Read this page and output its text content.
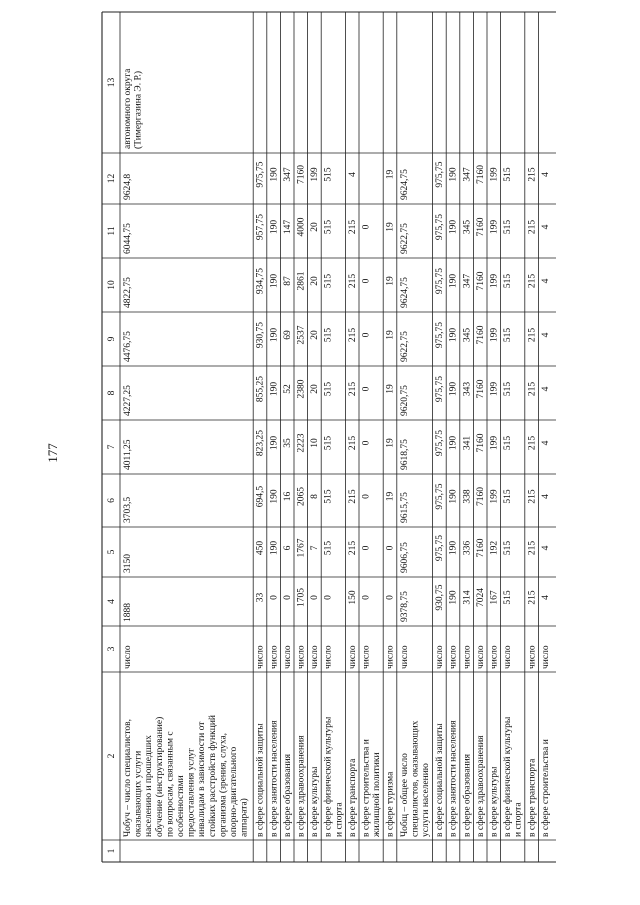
177
1
2
3
4
5
6
7
8
9
10
11
12
13
Чобуч – число специалистов, оказывающих услуги населению и прошедших обучение (инструктирование) по вопросам, связанным с особенностями предоставления услуг инвалидам в зависимости от стойких расстройств функций организма (зрения, слуха, опорно-двигательного аппарата)
число
1888
3150
3703,5
4011,25
4227,25
4476,75
4822,75
6044,75
9624,8
автономного округа (Тимергазина Э. Р.)
в сфере социальной защиты
число
33
450
694,5
823,25
855,25
930,75
934,75
957,75
975,75
в сфере занятости населения
число
0
190
190
190
190
190
190
190
190
в сфере образования
число
0
6
16
35
52
69
87
147
347
в сфере здравоохранения
число
1705
1767
2065
2223
2380
2537
2861
4000
7160
в сфере культуры
число
0
7
8
10
20
20
20
20
199
в сфере физической культуры и спорта
число
0
515
515
515
515
515
515
515
515
в сфере транспорта
число
150
215
215
215
215
215
215
215
4
в сфере строительства и жилищной политики
число
0
0
0
0
0
0
0
0
в сфере туризма
число
0
0
19
19
19
19
19
19
19
Чобщ – общее число специалистов, оказывающих услуги населению
число
9378,75
9606,75
9615,75
9618,75
9620,75
9622,75
9624,75
9622,75
9624,75
в сфере социальной защиты
число
930,75
975,75
975,75
975,75
975,75
975,75
975,75
975,75
975,75
в сфере занятости населения
число
190
190
190
190
190
190
190
190
190
в сфере образования
число
314
336
338
341
343
345
347
345
347
в сфере здравоохранения
число
7024
7160
7160
7160
7160
7160
7160
7160
7160
в сфере культуры
число
167
192
199
199
199
199
199
199
199
в сфере физической культуры и спорта
число
515
515
515
515
515
515
515
515
515
в сфере транспорта
число
215
215
215
215
215
215
215
215
215
в сфере строительства и
число
4
4
4
4
4
4
4
4
4
